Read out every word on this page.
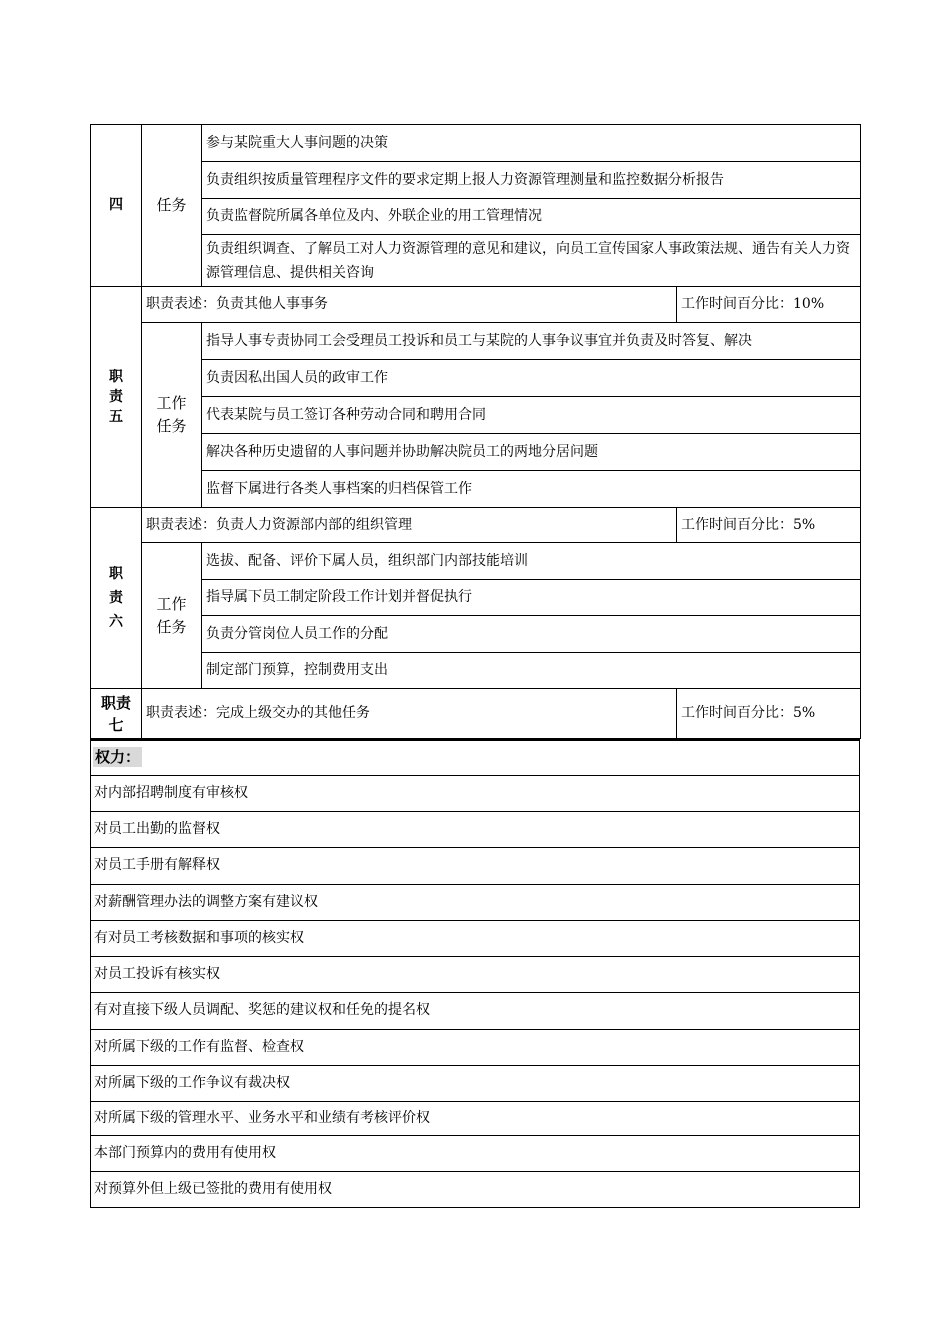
四	任务	参与某院重大人事问题的决策	
		负责组织按质量管理程序文件的要求定期上报人力资源管理测量和监控数据分析报告	
		负责监督院所属各单位及内、外联企业的用工管理情况	
		负责组织调查、了解员工对人力资源管理的意见和建议，向员工宣传国家人事政策法规、通告有关人力资源管理信息、提供相关咨询	

职责五	职责表述：负责其他人事事务		工作时间百分比：10%

	工作任务	指导人事专责协同工会受理员工投诉和员工与某院的人事争议事宜并负责及时答复、解决	
		负责因私出国人员的政审工作	
		代表某院与员工签订各种劳动合同和聘用合同	
		解决各种历史遗留的人事问题并协助解决院员工的两地分居问题	
		监督下属进行各类人事档案的归档保管工作	

职责六	职责表述：负责人力资源部内部的组织管理		工作时间百分比：5%

	工作任务	选拔、配备、评价下属人员，组织部门内部技能培训	
		指导属下员工制定阶段工作计划并督促执行	
		负责分管岗位人员工作的分配	
		制定部门预算，控制费用支出	

职责七	职责表述：完成上级交办的其他任务		工作时间百分比：5%
权力：
对内部招聘制度有审核权
对员工出勤的监督权
对员工手册有解释权
对薪酬管理办法的调整方案有建议权
有对员工考核数据和事项的核实权
对员工投诉有核实权
有对直接下级人员调配、奖惩的建议权和任免的提名权
对所属下级的工作有监督、检查权
对所属下级的工作争议有裁决权
对所属下级的管理水平、业务水平和业绩有考核评价权
本部门预算内的费用有使用权
对预算外但上级已签批的费用有使用权
